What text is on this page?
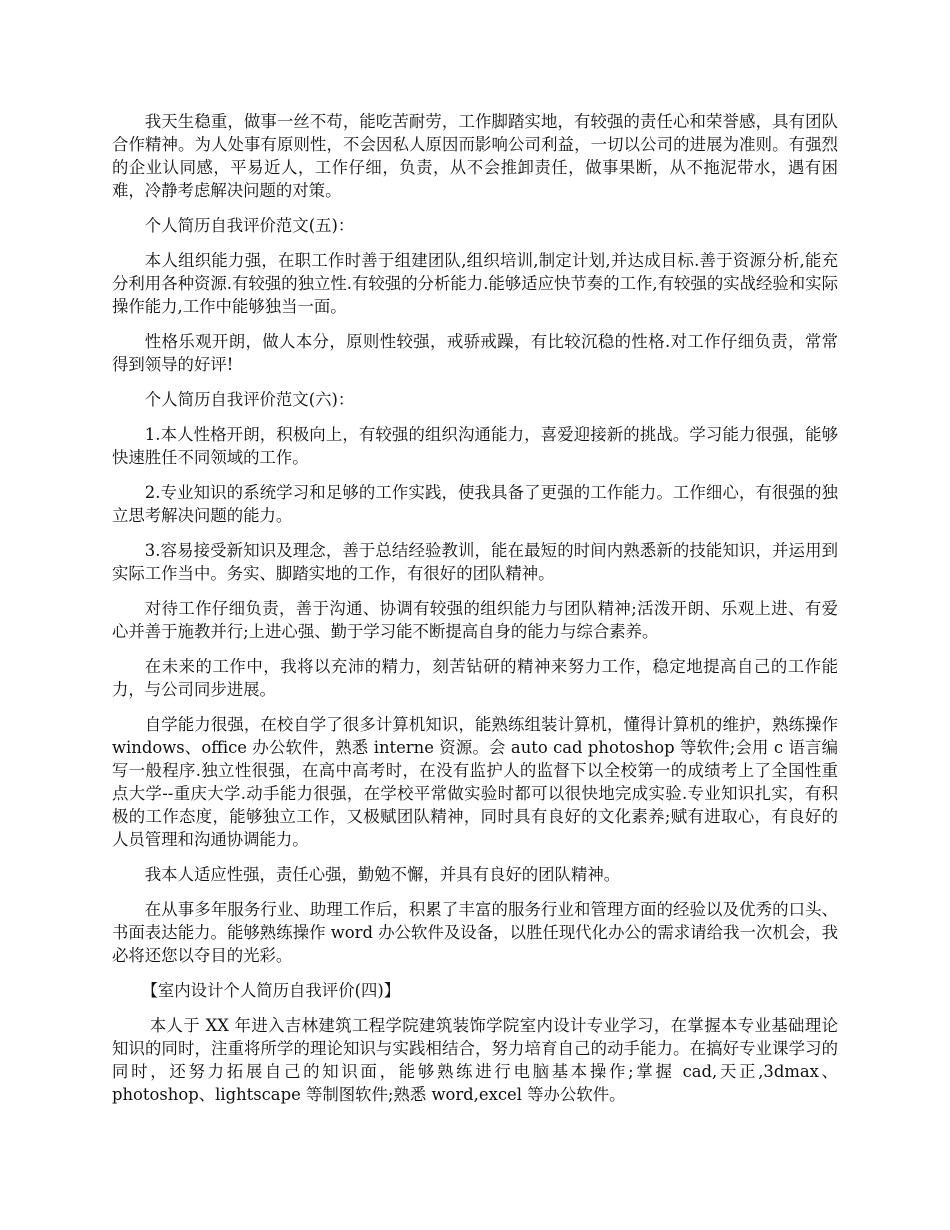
我天生稳重，做事一丝不苟，能吃苦耐劳，工作脚踏实地，有较强的责任心和荣誉感，具有团队合作精神。为人处事有原则性，不会因私人原因而影响公司利益，一切以公司的进展为准则。有强烈的企业认同感，平易近人，工作仔细，负责，从不会推卸责任，做事果断，从不拖泥带水，遇有困难，冷静考虑解决问题的对策。

个人简历自我评价范文(五)：

本人组织能力强，在职工作时善于组建团队,组织培训,制定计划,并达成目标.善于资源分析,能充分利用各种资源.有较强的独立性.有较强的分析能力.能够适应快节奏的工作,有较强的实战经验和实际操作能力,工作中能够独当一面。

性格乐观开朗，做人本分，原则性较强，戒骄戒躁，有比较沉稳的性格.对工作仔细负责，常常得到领导的好评!

个人简历自我评价范文(六)：

1.本人性格开朗，积极向上，有较强的组织沟通能力，喜爱迎接新的挑战。学习能力很强，能够快速胜任不同领域的工作。

2.专业知识的系统学习和足够的工作实践，使我具备了更强的工作能力。工作细心，有很强的独立思考解决问题的能力。

3.容易接受新知识及理念，善于总结经验教训，能在最短的时间内熟悉新的技能知识，并运用到实际工作当中。务实、脚踏实地的工作，有很好的团队精神。

对待工作仔细负责，善于沟通、协调有较强的组织能力与团队精神;活泼开朗、乐观上进、有爱心并善于施教并行;上进心强、勤于学习能不断提高自身的能力与综合素养。

在未来的工作中，我将以充沛的精力，刻苦钻研的精神来努力工作，稳定地提高自己的工作能力，与公司同步进展。

自学能力很强，在校自学了很多计算机知识，能熟练组装计算机，懂得计算机的维护，熟练操作 windows、office 办公软件，熟悉 interne 资源。会 auto cad photoshop 等软件;会用 c 语言编写一般程序.独立性很强，在高中高考时，在没有监护人的监督下以全校第一的成绩考上了全国性重点大学--重庆大学.动手能力很强，在学校平常做实验时都可以很快地完成实验.专业知识扎实，有积极的工作态度，能够独立工作，又极赋团队精神，同时具有良好的文化素养;赋有进取心，有良好的人员管理和沟通协调能力。

我本人适应性强，责任心强，勤勉不懈，并具有良好的团队精神。

在从事多年服务行业、助理工作后，积累了丰富的服务行业和管理方面的经验以及优秀的口头、书面表达能力。能够熟练操作 word 办公软件及设备，以胜任现代化办公的需求请给我一次机会，我必将还您以夺目的光彩。

【室内设计个人简历自我评价(四)】

本人于 XX 年进入吉林建筑工程学院建筑装饰学院室内设计专业学习，在掌握本专业基础理论知识的同时，注重将所学的理论知识与实践相结合，努力培育自己的动手能力。在搞好专业课学习的同时，还努力拓展自己的知识面，能够熟练进行电脑基本操作;掌握 cad,天正,3dmax、photoshop、lightscape 等制图软件;熟悉 word,excel 等办公软件。
